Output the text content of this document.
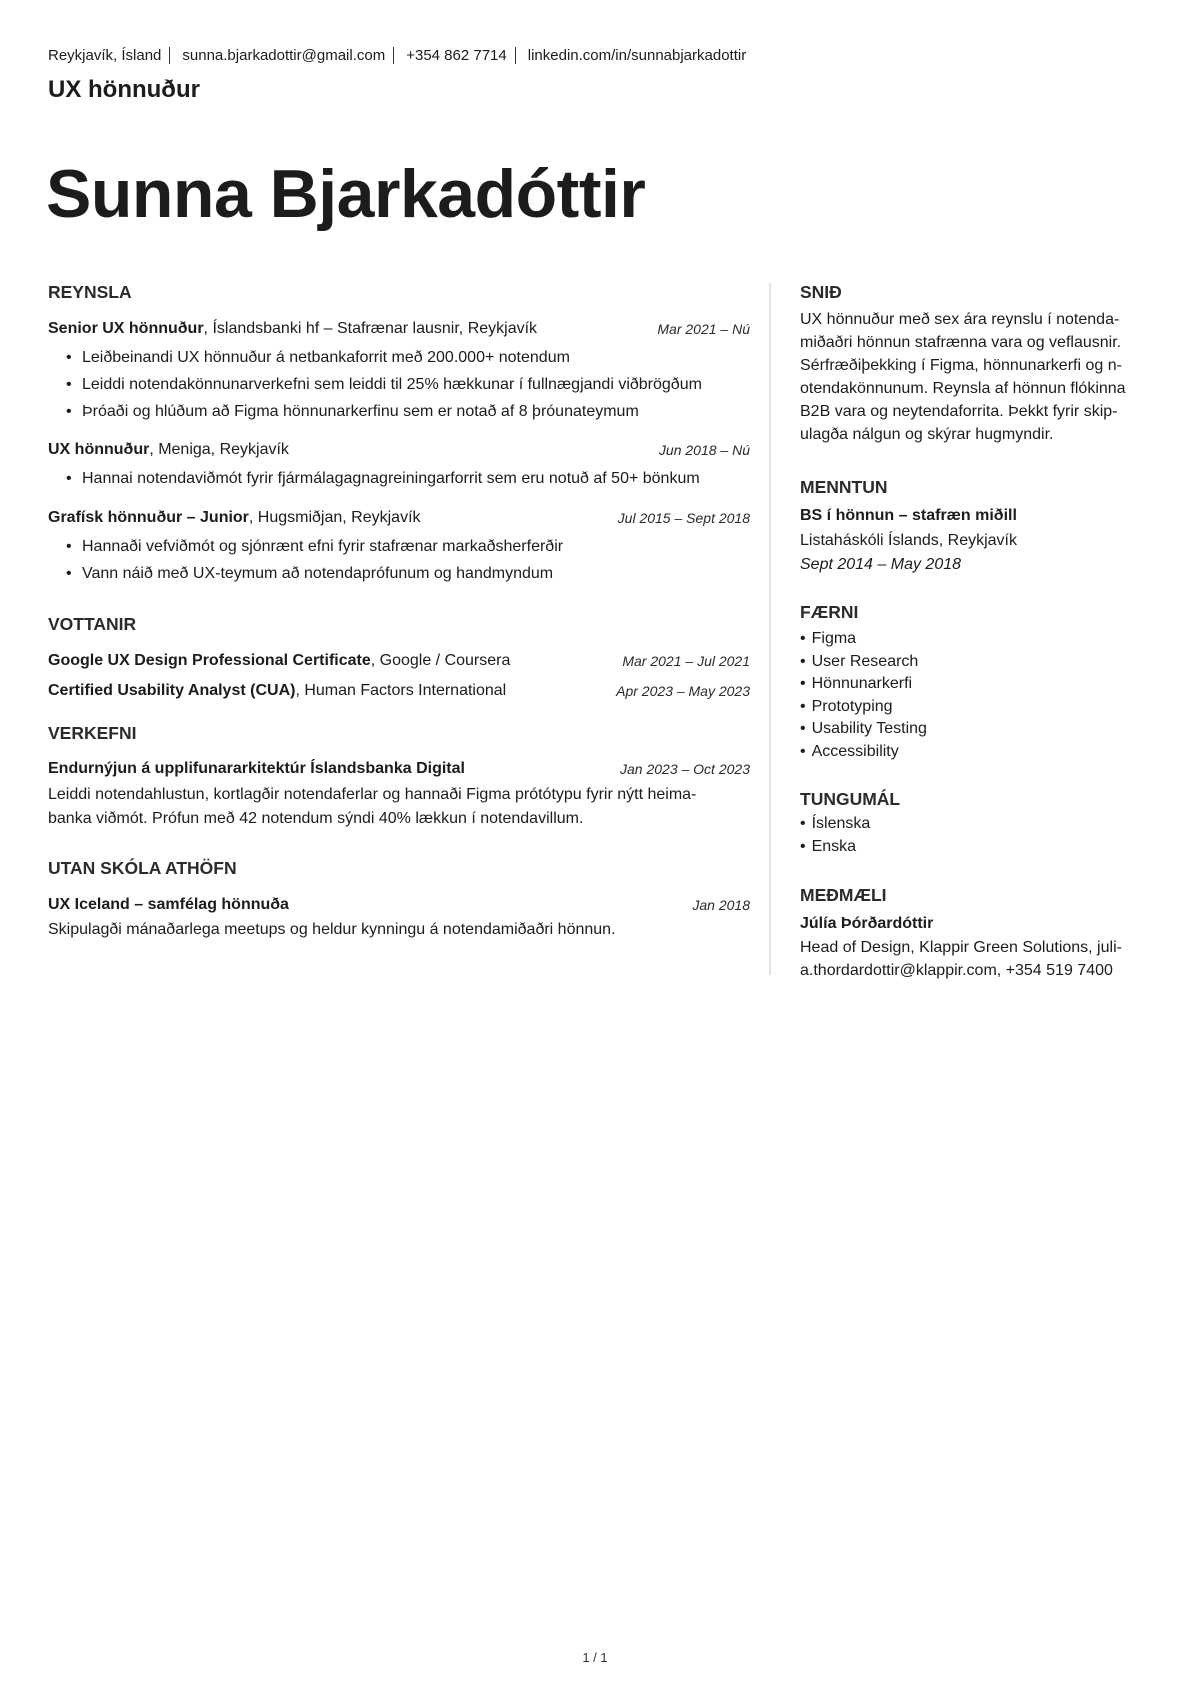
Reykjavík, Ísland sunna.bjarkadottir@gmail.com +354 862 7714 linkedin.com/in/sunnabjarkadottir
UX hönnuður
Sunna Bjarkadóttir
REYNSLA
Senior UX hönnuður, Íslandsbanki hf – Stafrænar lausnir, Reykjavík	Mar 2021 – Nú
• Leiðbeinandi UX hönnuður á netbankaforrit með 200.000+ notendum
• Leiddi notendakönnunarverkefni sem leiddi til 25% hækkunar í fullnægjandi viðbrögðum
• Þróaði og hlúðum að Figma hönnunarkerfinu sem er notað af 8 þróunateymum
UX hönnuður, Meniga, Reykjavík	Jun 2018 – Nú
• Hannai notendaviðmót fyrir fjármálagagnagreiningarforrit sem eru notuð af 50+ bönkum
Grafísk hönnuður – Junior, Hugsmiðjan, Reykjavík	Jul 2015 – Sept 2018
• Hannaði vefviðmót og sjónrænt efni fyrir stafrænar markaðsherferðir
• Vann náið með UX-teymum að notendaprófunum og handmyndum
VOTTANIR
Google UX Design Professional Certificate, Google / Coursera	Mar 2021 – Jul 2021
Certified Usability Analyst (CUA), Human Factors International	Apr 2023 – May 2023
VERKEFNI
Endurnýjun á upplifunararkitektúr Íslandsbanka Digital	Jan 2023 – Oct 2023
Leiddi notendahlustun, kortlagðir notendaferlar og hannaði Figma prótótypu fyrir nýtt heima-
banka viðmót. Prófun með 42 notendum sýndi 40% lækkun í notendavillum.
UTAN SKÓLA ATHÖFN
UX Iceland – samfélag hönnuða	Jan 2018
Skipulagði mánaðarlega meetups og heldur kynningu á notendamiðaðri hönnun.
SNIÐ
UX hönnuður með sex ára reynslu í notenda-
miðaðri hönnun stafrænna vara og veflausnir.
Sérfræðiþekking í Figma, hönnunarkerfi og n-
otendakönnunum. Reynsla af hönnun flókinna
B2B vara og neytendaforrita. Þekkt fyrir skip-
ulagða nálgun og skýrar hugmyndir.
MENNTUN
BS í hönnun – stafræn miðill
Listaháskóli Íslands, Reykjavík
Sept 2014 – May 2018
FÆRNI
• Figma
• User Research
• Hönnunarkerfi
• Prototyping
• Usability Testing
• Accessibility
TUNGUMÁL
• Íslenska
• Enska
MEÐMÆLI
Júlía Þórðardóttir
Head of Design, Klappir Green Solutions, juli-
a.thordardottir@klappir.com, +354 519 7400
1 / 1
